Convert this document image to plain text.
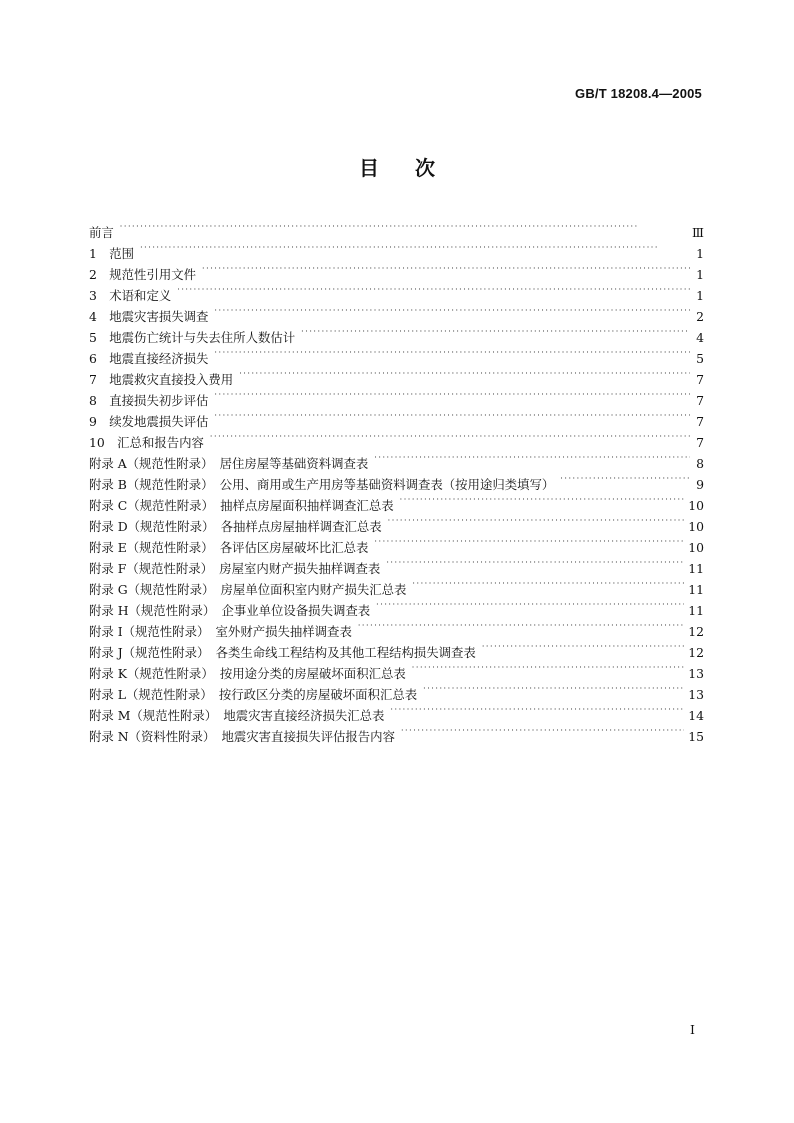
GB/T 18208.4—2005
目次
前言 · · ·	Ⅲ
1　范围 · · ·	1
2　规范性引用文件 · · ·	1
3　术语和定义 · · ·	1
4　地震灾害损失调查 · · ·	2
5　地震伤亡统计与失去住所人数估计 · · ·	4
6　地震直接经济损失 · · ·	5
7　地震救灾直接投入费用 · · ·	7
8　直接损失初步评估 · · ·	7
9　续发地震损失评估 · · ·	7
10　汇总和报告内容 · · ·	7
附录 A（规范性附录）　居住房屋等基础资料调查表 · · ·	8
附录 B（规范性附录）　公用、商用或生产用房等基础资料调查表（按用途归类填写） · · ·	9
附录 C（规范性附录）　抽样点房屋面积抽样调查汇总表 · · ·	10
附录 D（规范性附录）　各抽样点房屋抽样调查汇总表 · · ·	10
附录 E（规范性附录）　各评估区房屋破坏比汇总表 · · ·	10
附录 F（规范性附录）　房屋室内财产损失抽样调查表 · · ·	11
附录 G（规范性附录）　房屋单位面积室内财产损失汇总表 · · ·	11
附录 H（规范性附录）　企事业单位设备损失调查表 · · ·	11
附录 I（规范性附录）　室外财产损失抽样调查表 · · ·	12
附录 J（规范性附录）　各类生命线工程结构及其他工程结构损失调查表 · · ·	12
附录 K（规范性附录）　按用途分类的房屋破坏面积汇总表 · · ·	13
附录 L（规范性附录）　按行政区分类的房屋破坏面积汇总表 · · ·	13
附录 M（规范性附录）　地震灾害直接经济损失汇总表 · · ·	14
附录 N（资料性附录）　地震灾害直接损失评估报告内容 · · ·	15
Ⅰ
